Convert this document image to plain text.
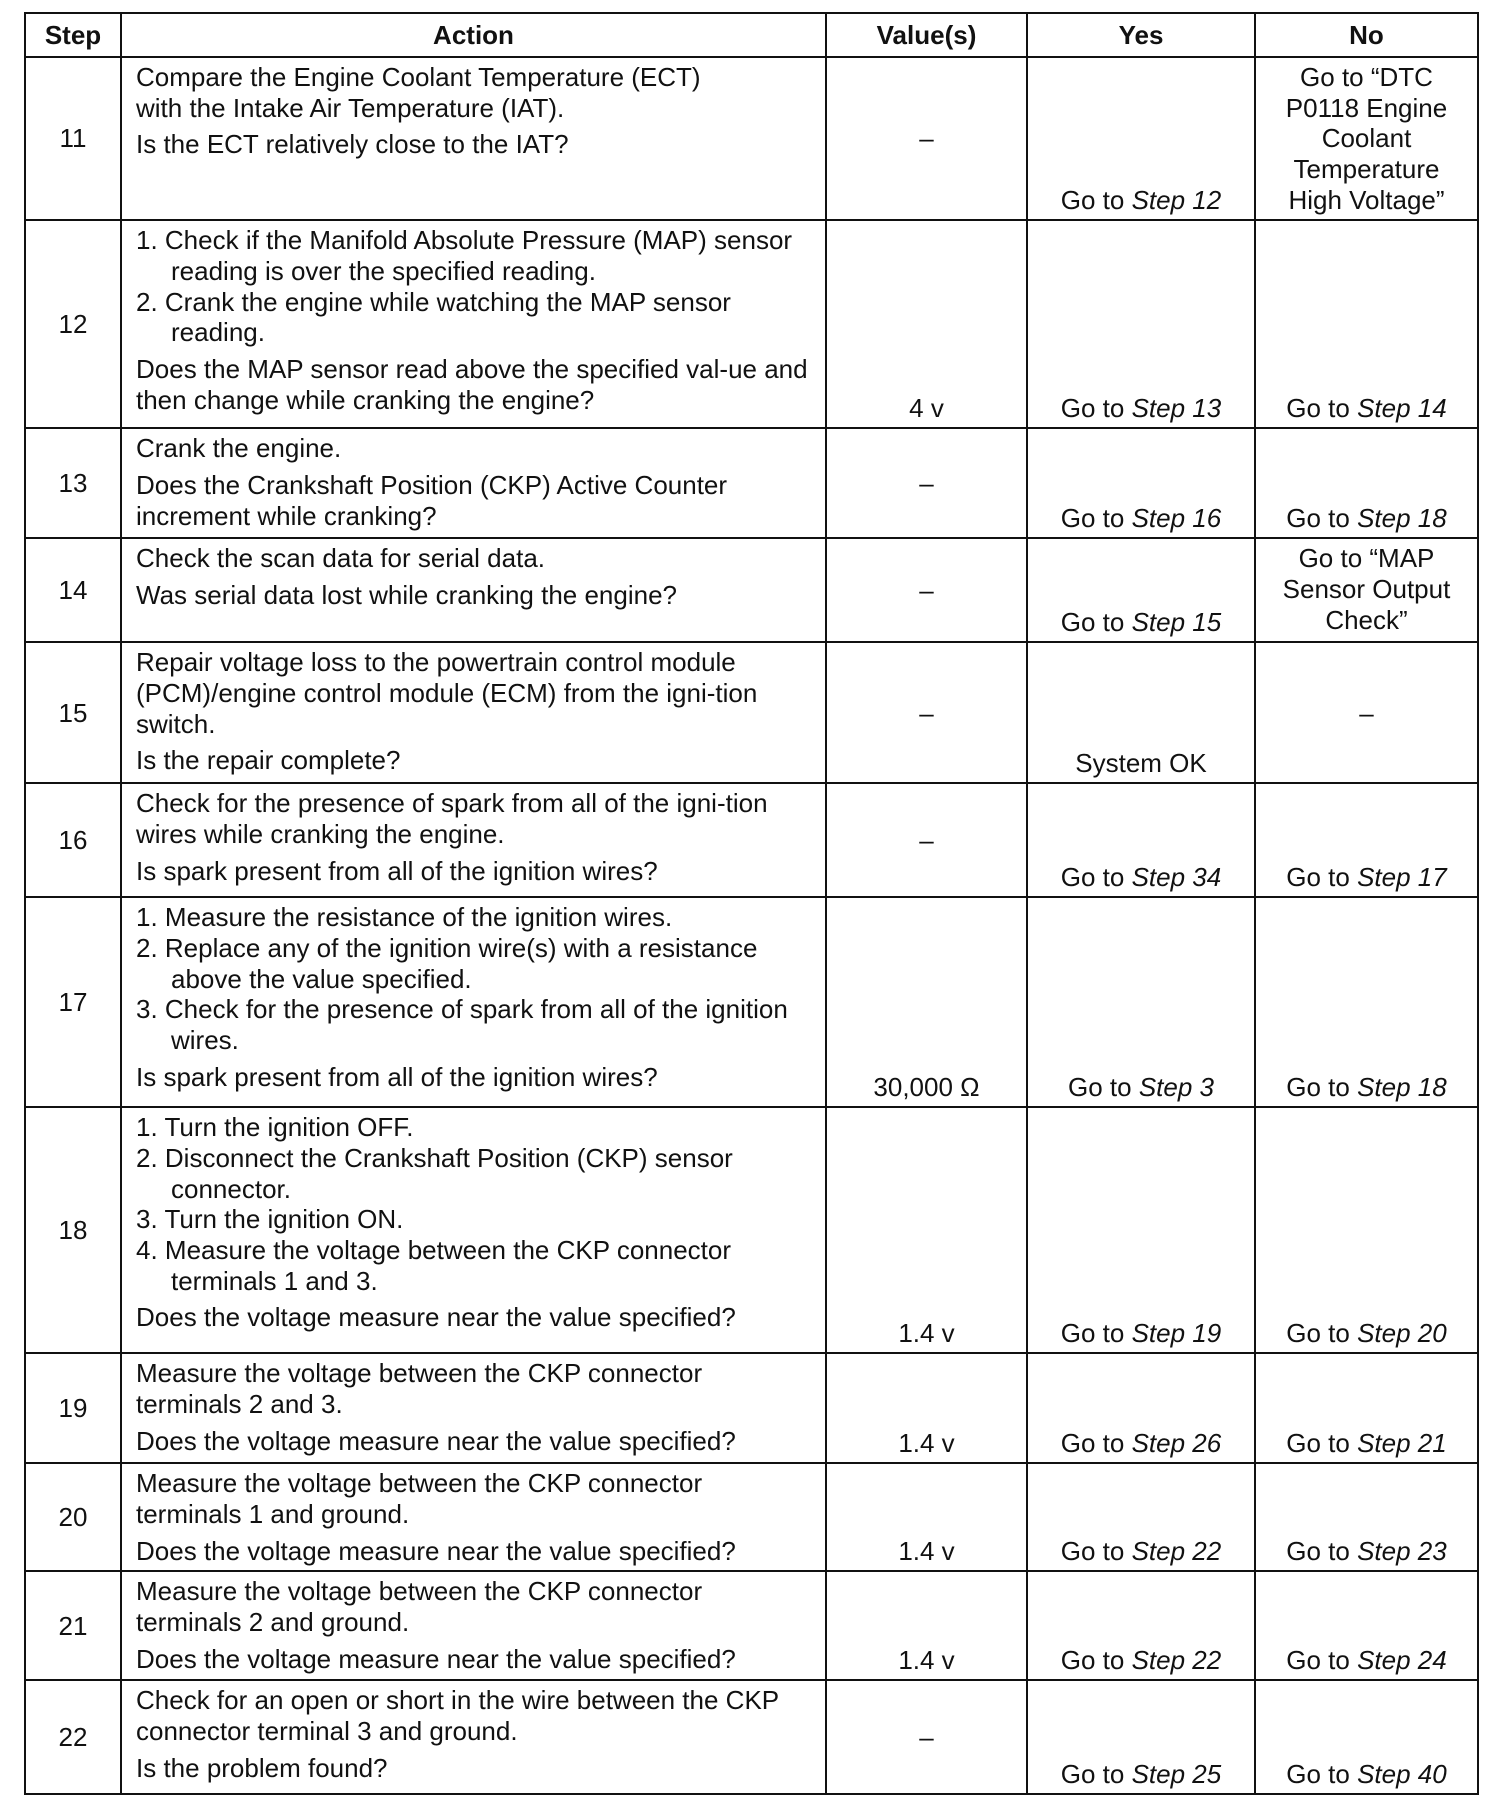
Step	Action	Value(s)	Yes	No
11	Compare the Engine Coolant Temperature (ECT)
with the Intake Air Temperature (IAT).
Is the ECT relatively close to the IAT?	–	Go to Step 12	Go to “DTC P0118 Engine Coolant Temperature High Voltage”
12	1. Check if the Manifold Absolute Pressure (MAP) sensor reading is over the specified reading.
2. Crank the engine while watching the MAP sensor reading.
Does the MAP sensor read above the specified val-ue and then change while cranking the engine?	4 v	Go to Step 13	Go to Step 14
13	Crank the engine.
Does the Crankshaft Position (CKP) Active Counter increment while cranking?	–	Go to Step 16	Go to Step 18
14	Check the scan data for serial data.
Was serial data lost while cranking the engine?	–	Go to Step 15	Go to “MAP Sensor Output Check”
15	Repair voltage loss to the powertrain control module (PCM)/engine control module (ECM) from the igni-tion switch.
Is the repair complete?	–	System OK	–
16	Check for the presence of spark from all of the igni-tion wires while cranking the engine.
Is spark present from all of the ignition wires?	–	Go to Step 34	Go to Step 17
17	1. Measure the resistance of the ignition wires.
2. Replace any of the ignition wire(s) with a resistance above the value specified.
3. Check for the presence of spark from all of the ignition wires.
Is spark present from all of the ignition wires?	30,000 Ω	Go to Step 3	Go to Step 18
18	1. Turn the ignition OFF.
2. Disconnect the Crankshaft Position (CKP) sensor connector.
3. Turn the ignition ON.
4. Measure the voltage between the CKP connector terminals 1 and 3.
Does the voltage measure near the value specified?	1.4 v	Go to Step 19	Go to Step 20
19	Measure the voltage between the CKP connector terminals 2 and 3.
Does the voltage measure near the value specified?	1.4 v	Go to Step 26	Go to Step 21
20	Measure the voltage between the CKP connector terminals 1 and ground.
Does the voltage measure near the value specified?	1.4 v	Go to Step 22	Go to Step 23
21	Measure the voltage between the CKP connector terminals 2 and ground.
Does the voltage measure near the value specified?	1.4 v	Go to Step 22	Go to Step 24
22	Check for an open or short in the wire between the CKP connector terminal 3 and ground.
Is the problem found?	–	Go to Step 25	Go to Step 40
